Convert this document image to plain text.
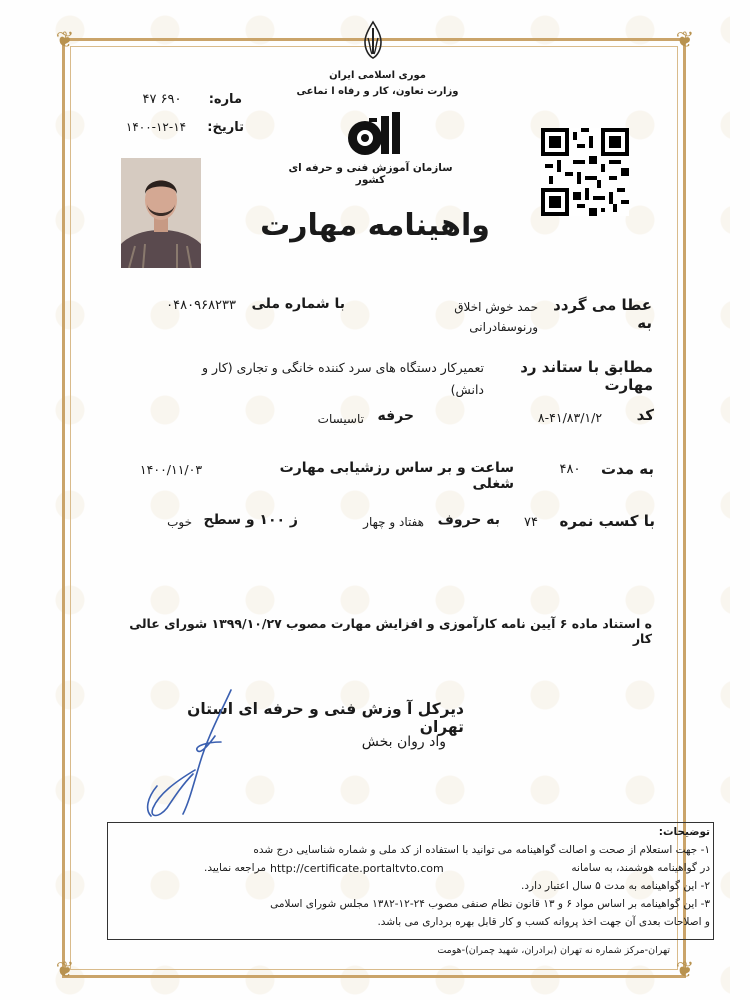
❦	❦
❦	❦
موری اسلامی ایران
وزارت تعاون، کار و رفاه ا تماعی
سازمان آموزش فنی و حرفه ای کشور
ماره:
۴۷ ۶۹۰
تاریخ:
۱۴۰۰-۱۲-۱۴
واهینامه مهارت
عطا می گردد به
حمد خوش اخلاق
ورنوسفادرانی
با شماره ملی
۰۴۸۰۹۶۸۲۳۳
مطابق با ستاند رد مهارت
تعمیرکار دستگاه های سرد کننده خانگی و تجاری (کار و
دانش)
کد
۸-۴۱/۸۳/۱/۲
حرفه
تاسیسات
به مدت
۴۸۰
ساعت و بر ساس رزشیابی مهارت شغلی
۱۴۰۰/۱۱/۰۳
با کسب نمره
۷۴
به حروف
هفتاد و چهار
ز ۱۰۰ و سطح
خوب
ه استناد ماده ۶ آیین نامه کارآموزی و افزایش مهارت مصوب ۱۳۹۹/۱۰/۲۷ شورای عالی کار
دیرکل آ وزش فنی و حرفه ای استان تهران
واد روان بخش
توضیحات:
۱- جهت استعلام از صحت و اصالت گواهینامه می توانید با استفاده از کد ملی و شماره شناسایی درج شده
در گواهینامه هوشمند، به سامانه
http://certificate.portaltvto.com
مراجعه نمایید.
۲- این گواهینامه به مدت ۵ سال اعتبار دارد.
۳- این گواهینامه بر اساس مواد ۶ و ۱۳ قانون نظام صنفی مصوب ۲۴-۱۲-۱۳۸۲ مجلس شورای اسلامی
و اصلاحات بعدی آن جهت اخذ پروانه کسب و کار قابل بهره برداری می باشد.
تهران-مرکز شماره نه تهران (برادران، شهید چمران)-هومت
